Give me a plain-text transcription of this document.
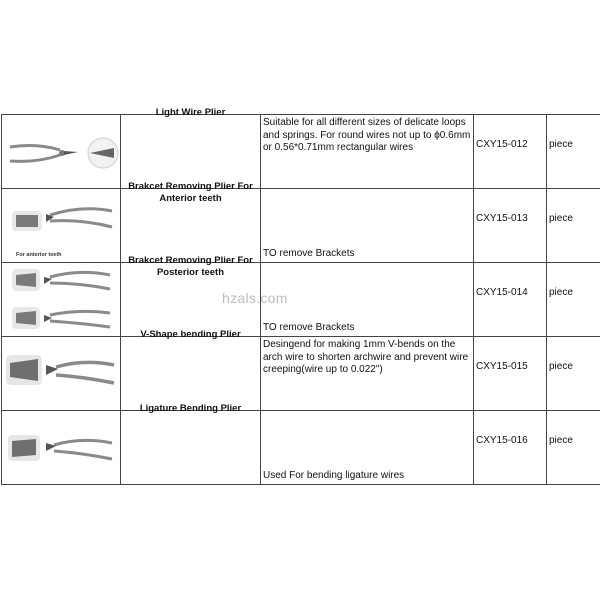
Light Wire Plier	Suitable for all different sizes of delicate loops and springs. For round wires not up to ϕ0.6mm or 0.56*0.71mm rectangular wires	CXY15-012	piece

For anterior teeth	Brakcet Removing Plier For Anterior teeth	TO remove Brackets	CXY15-013	piece

Brakcet Removing Plier For Posterior teeth	TO remove Brackets	CXY15-014	piece

V-Shape bending Plier	Desingend for making 1mm V-bends on the arch wire to shorten archwire and prevent wire creeping(wire up to 0.022")	CXY15-015	piece

Ligature Bending Plier	Used For bending ligature wires	CXY15-016	piece
hzals.com
